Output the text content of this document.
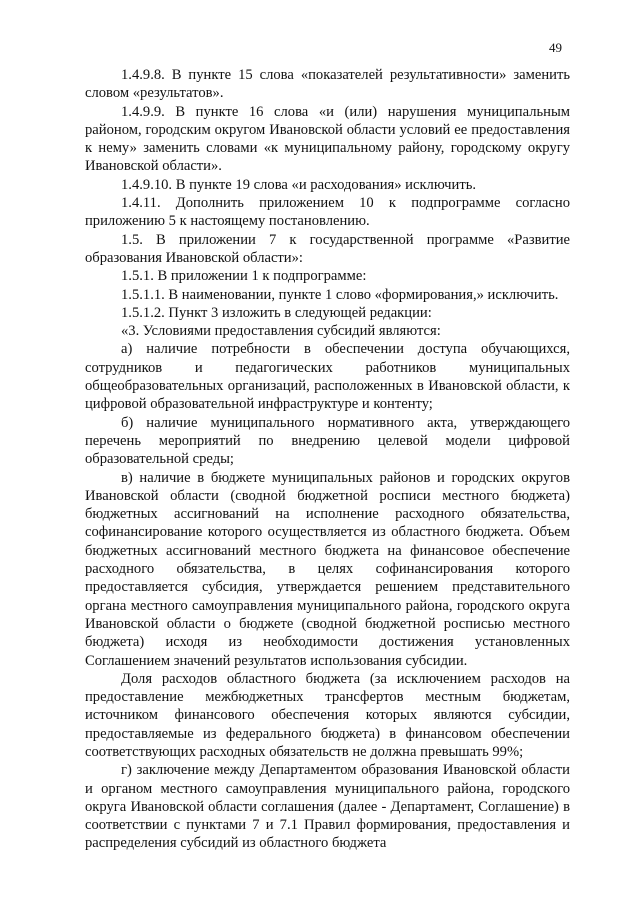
49

1.4.9.8. В пункте 15 слова «показателей результативности» заменить словом «результатов».

1.4.9.9. В пункте 16 слова «и (или) нарушения муниципальным районом, городским округом Ивановской области условий ее предоставления к нему» заменить словами «к муниципальному району, городскому округу Ивановской области».

1.4.9.10. В пункте 19 слова «и расходования» исключить.

1.4.11. Дополнить приложением 10 к подпрограмме согласно приложению 5 к настоящему постановлению.

1.5. В приложении 7 к государственной программе «Развитие образования Ивановской области»:

1.5.1. В приложении 1 к подпрограмме:

1.5.1.1. В наименовании, пункте 1 слово «формирования,» исключить.

1.5.1.2. Пункт 3 изложить в следующей редакции:

«3. Условиями предоставления субсидий являются:

а) наличие потребности в обеспечении доступа обучающихся, сотрудников и педагогических работников муниципальных общеобразовательных организаций, расположенных в Ивановской области, к цифровой образовательной инфраструктуре и контенту;

б) наличие муниципального нормативного акта, утверждающего перечень мероприятий по внедрению целевой модели цифровой образовательной среды;

в) наличие в бюджете муниципальных районов и городских округов Ивановской области (сводной бюджетной росписи местного бюджета) бюджетных ассигнований на исполнение расходного обязательства, софинансирование которого осуществляется из областного бюджета. Объем бюджетных ассигнований местного бюджета на финансовое обеспечение расходного обязательства, в целях софинансирования которого предоставляется субсидия, утверждается решением представительного органа местного самоуправления муниципального района, городского округа Ивановской области о бюджете (сводной бюджетной росписью местного бюджета) исходя из необходимости достижения установленных Соглашением значений результатов использования субсидии.

Доля расходов областного бюджета (за исключением расходов на предоставление межбюджетных трансфертов местным бюджетам, источником финансового обеспечения которых являются субсидии, предоставляемые из федерального бюджета) в финансовом обеспечении соответствующих расходных обязательств не должна превышать 99%;

г) заключение между Департаментом образования Ивановской области и органом местного самоуправления муниципального района, городского округа Ивановской области соглашения (далее - Департамент, Соглашение) в соответствии с пунктами 7 и 7.1 Правил формирования, предоставления и распределения субсидий из областного бюджета
